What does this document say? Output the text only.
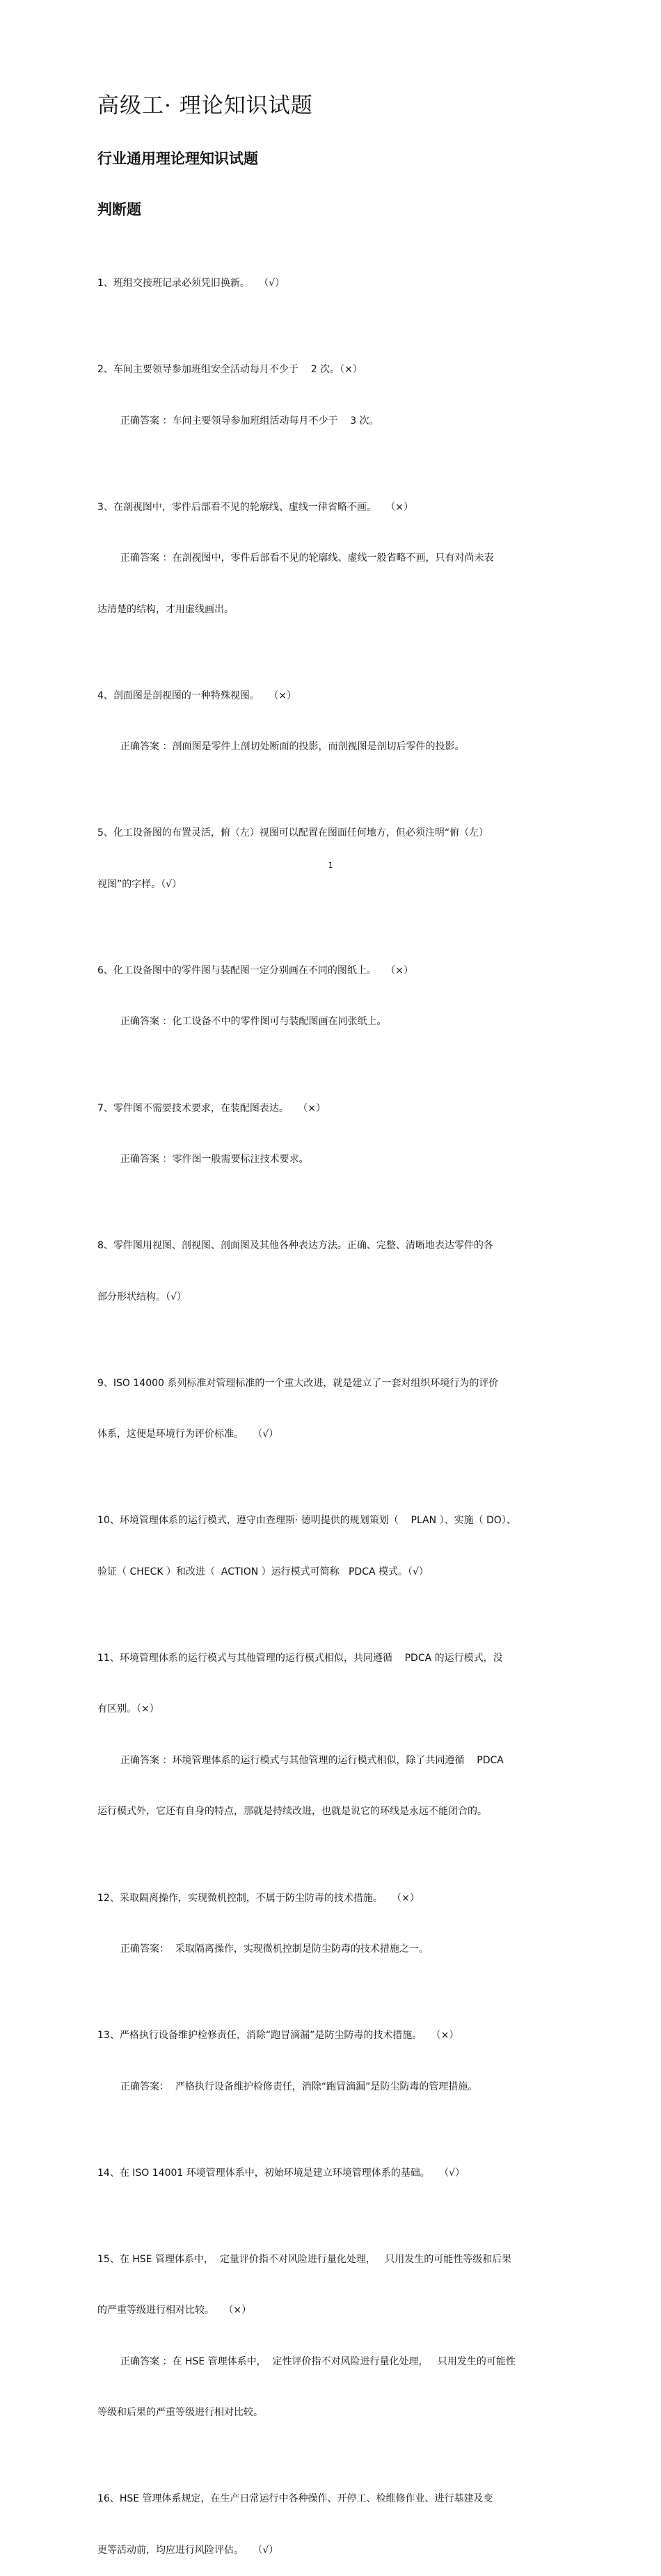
高级工· 理论知识试题
行业通用理论理知识试题
判断题

1、班组交接班记录必须凭旧换新。   （√）

2、车间主要领导参加班组安全活动每月不少于    2 次。（×）

正确答案 ：车间主要领导参加班组活动每月不少于    3 次。

3、在剖视图中，零件后部看不见的轮廓线、虚线一律省略不画。   （×）

正确答案 ：在剖视图中，零件后部看不见的轮廓线、虚线一般省略不画，只有对尚未表

达清楚的结构，才用虚线画出。

4、剖面图是剖视图的一种特殊视图。   （×）

正确答案 ：剖面图是零件上剖切处断面的投影，而剖视图是剖切后零件的投影。

5、化工设备图的布置灵活，俯（左）视图可以配置在图面任何地方，但必须注明“俯（左）

视图”的字样。（√）

6、化工设备图中的零件图与装配图一定分别画在不同的图纸上。   （×）

正确答案 ：化工设备不中的零件图可与装配图画在同张纸上。

7、零件图不需要技术要求，在装配图表达。   （×）

正确答案 ：零件图一般需要标注技术要求。

8、零件图用视图、剖视图、剖面图及其他各种表达方法。正确、完整、清晰地表达零件的各

部分形状结构。（√）

9、ISO 14000 系列标准对管理标准的一个重大改进，就是建立了一套对组织环境行为的评价

体系，这便是环境行为评价标准。   （√）

10、环境管理体系的运行模式，遵守由查理斯· 德明提供的规划策划（    PLAN ）、实施（ DO）、

验证（ CHECK ）和改进（  ACTION ）运行模式可简称   PDCA 模式。（√）

11、环境管理体系的运行模式与其他管理的运行模式相似，共同遵循    PDCA 的运行模式，没

有区别。（×）

正确答案 ：环境管理体系的运行模式与其他管理的运行模式相似，除了共同遵循    PDCA

运行模式外，它还有自身的特点，那就是持续改进，也就是说它的环线是永远不能闭合的。

12、采取隔离操作，实现微机控制，不属于防尘防毒的技术措施。   （×）

正确答案：  采取隔离操作，实现微机控制是防尘防毒的技术措施之一。

13、严格执行设备维护检修责任，消除“跑冒滴漏”是防尘防毒的技术措施。   （×）

正确答案：  严格执行设备维护检修责任，消除“跑冒滴漏”是防尘防毒的管理措施。

14、在 ISO 14001 环境管理体系中，初始环境是建立环境管理体系的基础。   （√）

15、在 HSE 管理体系中，  定量评价指不对风险进行量化处理，   只用发生的可能性等级和后果

的严重等级进行相对比较。   （×）

正确答案 ：在 HSE 管理体系中，  定性评价指不对风险进行量化处理，   只用发生的可能性

等级和后果的严重等级进行相对比较。

16、HSE 管理体系规定，在生产日常运行中各种操作、开停工、检维修作业、进行基建及变

更等活动前，均应进行风险评估。   （√）

1
